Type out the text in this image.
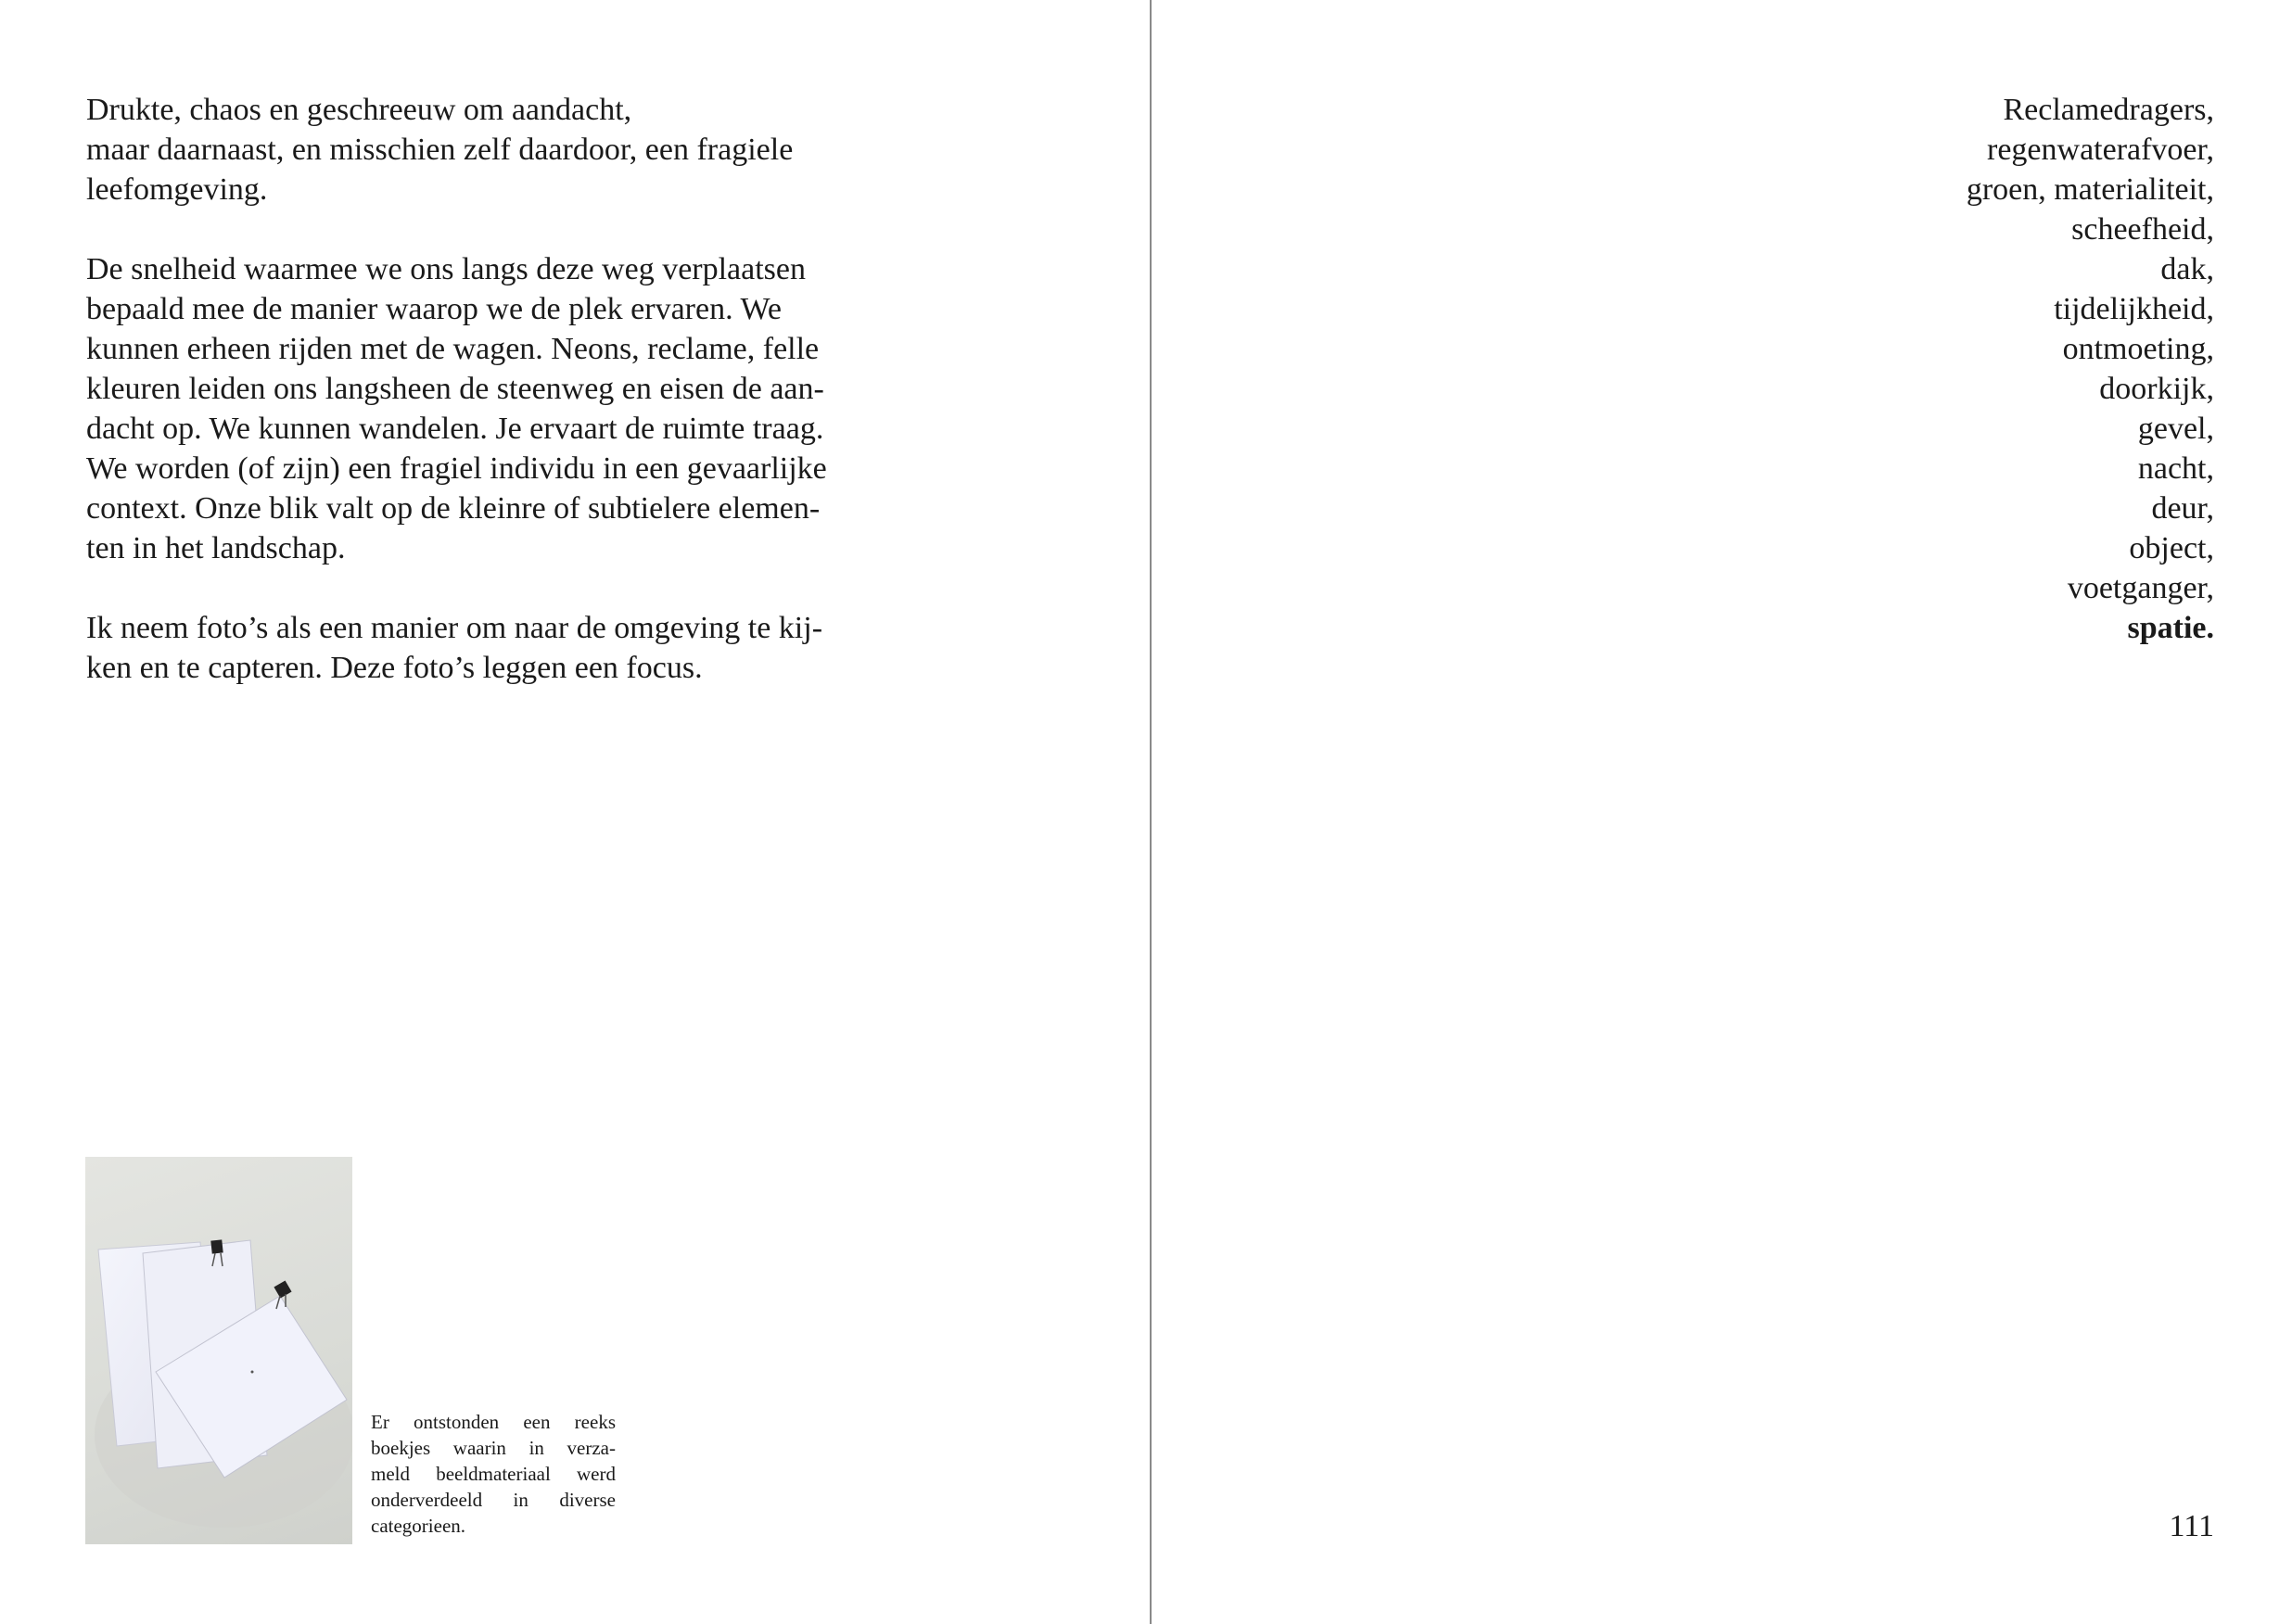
Drukte, chaos en geschreeuw om aandacht,
maar daarnaast, en misschien zelf daardoor, een fragiele
leefomgeving.

De snelheid waarmee we ons langs deze weg verplaatsen
bepaald mee de manier waarop we de plek ervaren. We
kunnen erheen rijden met de wagen. Neons, reclame, felle
kleuren leiden ons langsheen de steenweg en eisen de aan-
dacht op. We kunnen wandelen. Je ervaart de ruimte traag.
We worden (of zijn) een fragiel individu in een gevaarlijke
context. Onze blik valt op de kleinre of subtielere elemen-
ten in het landschap.

Ik neem foto’s als een manier om naar de omgeving te kij-
ken en te capteren. Deze foto’s leggen een focus.

Er ontstonden een reeks
boekjes waarin in verza-
meld beeldmateriaal werd
onderverdeeld in diverse
categorieen.
Reclamedragers,
regenwaterafvoer,
groen, materialiteit,
scheefheid,
dak,
tijdelijkheid,
ontmoeting,
doorkijk,
gevel,
nacht,
deur,
object,
voetganger,
spatie.
111
